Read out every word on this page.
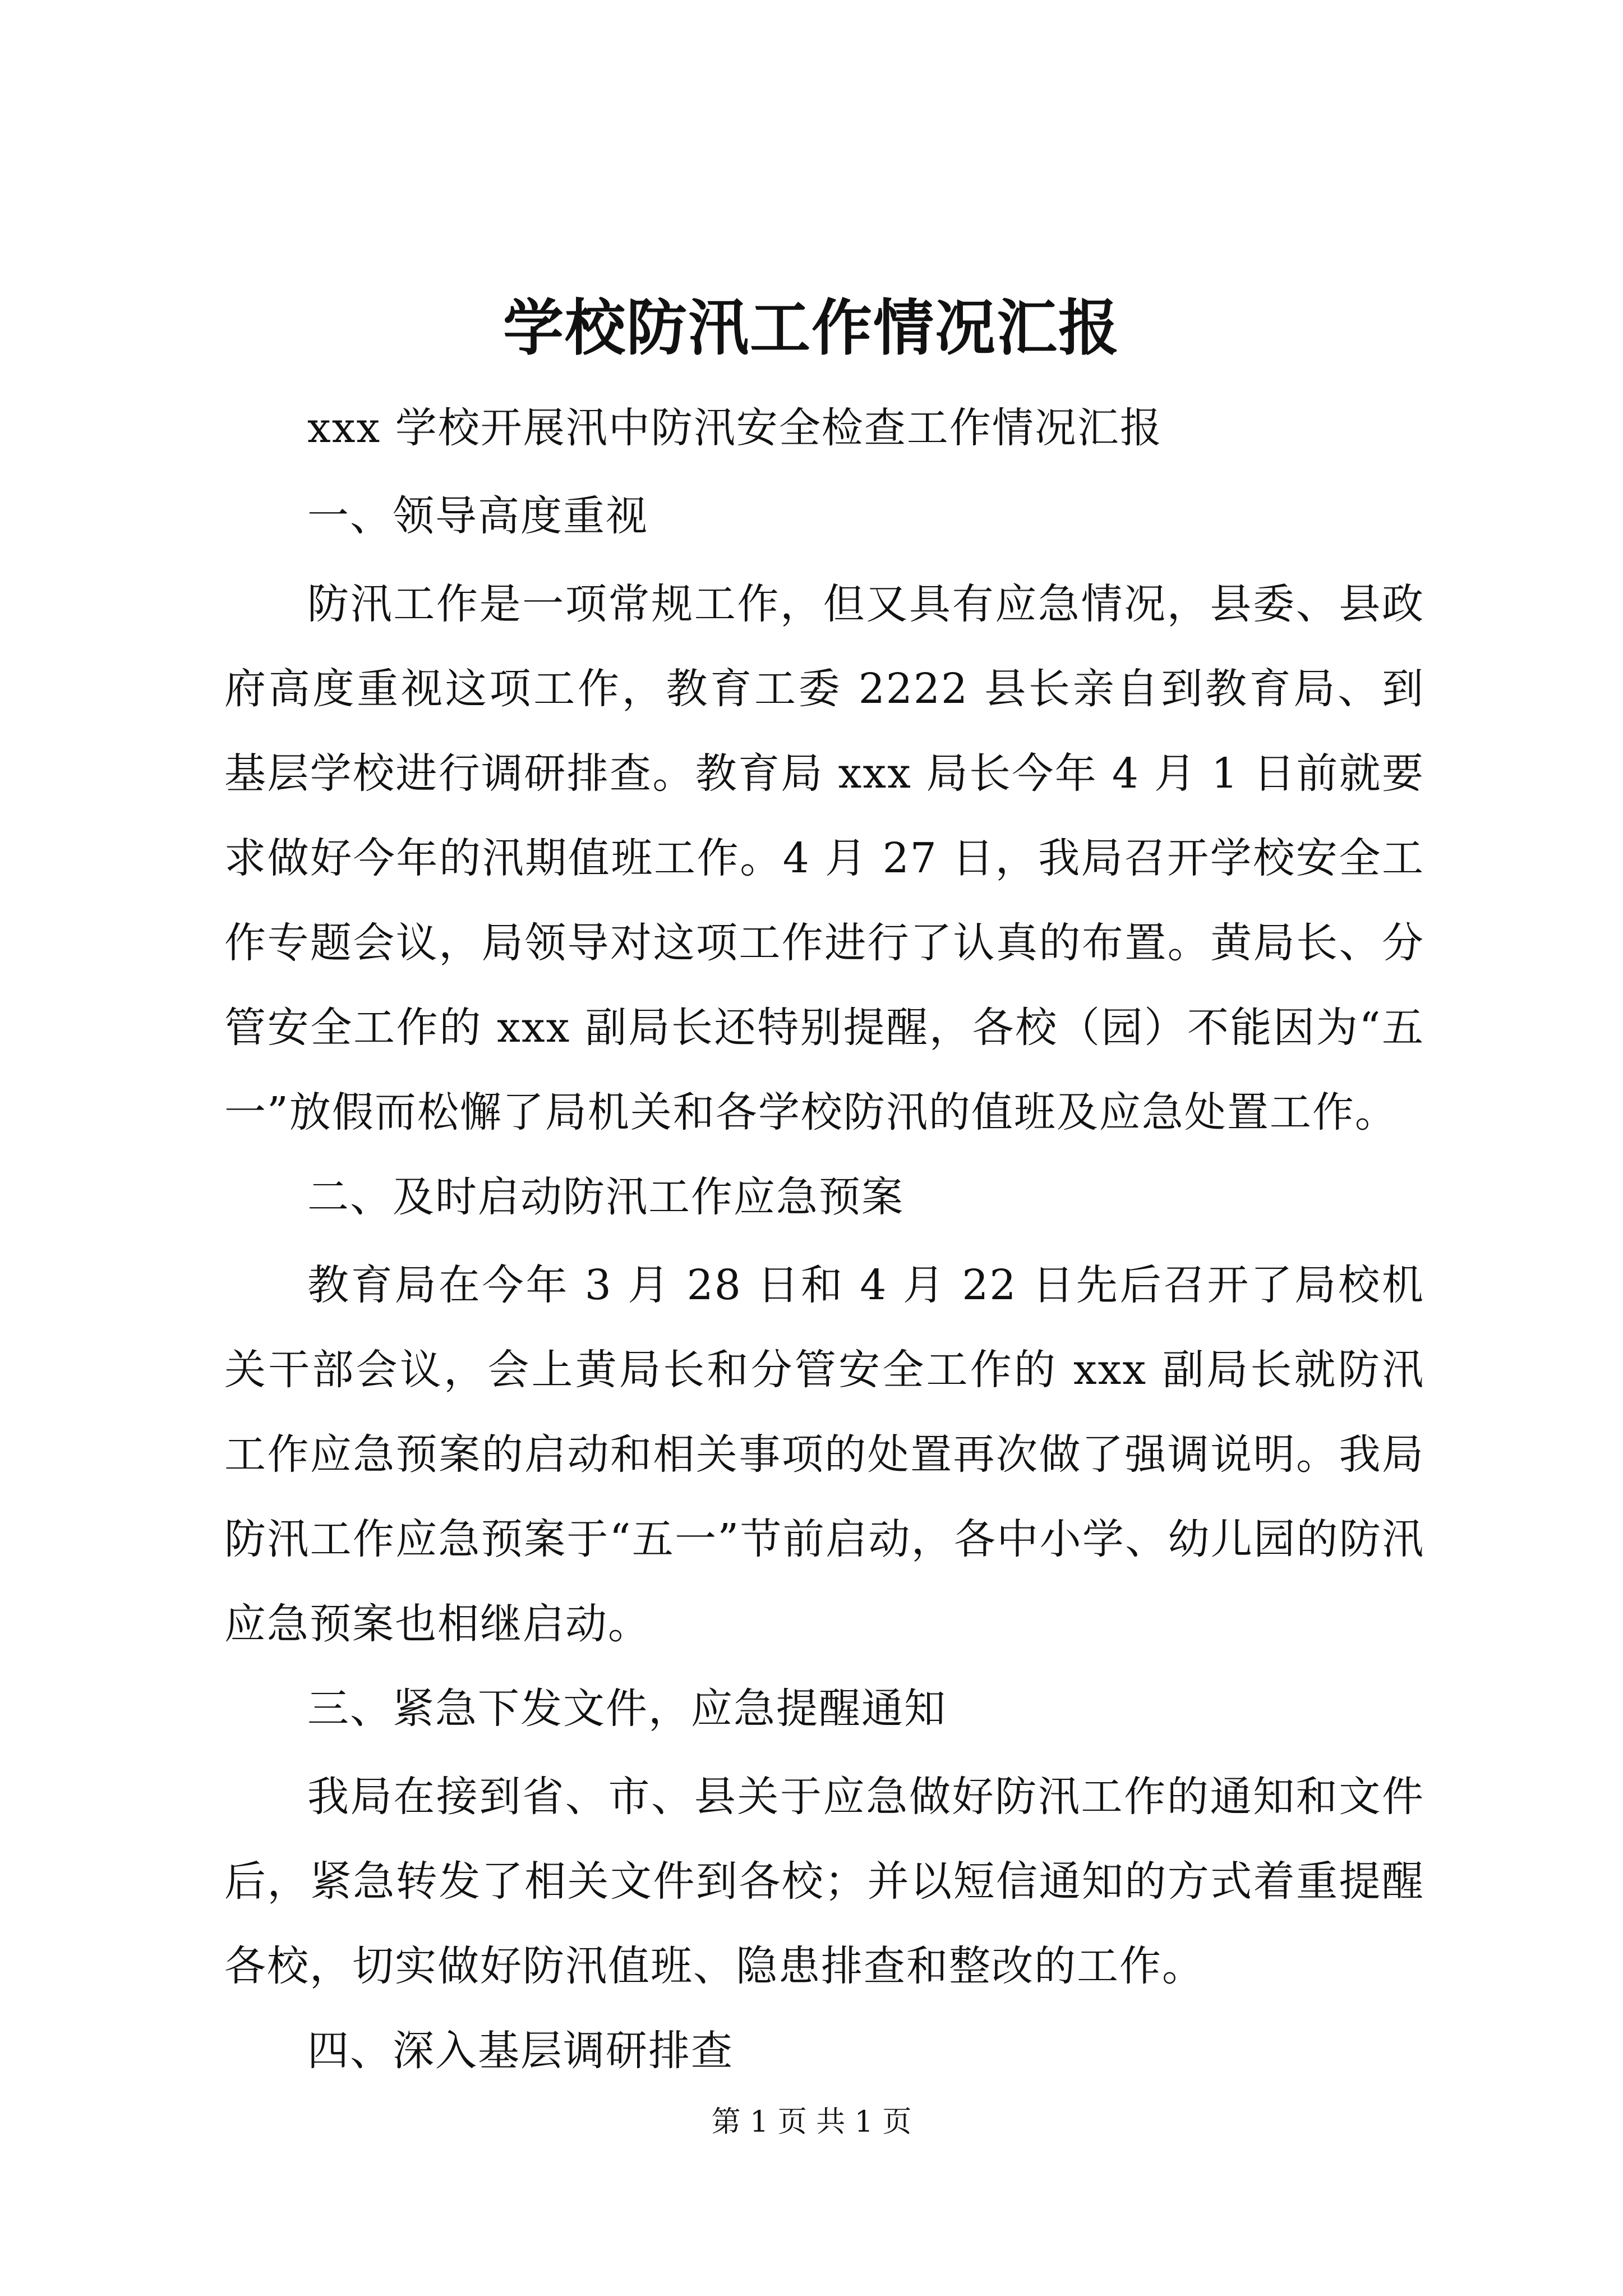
学校防汛工作情况汇报

xxx 学校开展汛中防汛安全检查工作情况汇报

一、领导高度重视

防汛工作是一项常规工作，但又具有应急情况，县委、县政府高度重视这项工作，教育工委 2222 县长亲自到教育局、到基层学校进行调研排查。教育局 xxx 局长今年 4 月 1 日前就要求做好今年的汛期值班工作。4 月 27 日，我局召开学校安全工作专题会议，局领导对这项工作进行了认真的布置。黄局长、分管安全工作的 xxx 副局长还特别提醒，各校（园）不能因为“五一”放假而松懈了局机关和各学校防汛的值班及应急处置工作。

二、及时启动防汛工作应急预案

教育局在今年 3 月 28 日和 4 月 22 日先后召开了局校机关干部会议，会上黄局长和分管安全工作的 xxx 副局长就防汛工作应急预案的启动和相关事项的处置再次做了强调说明。我局防汛工作应急预案于“五一”节前启动，各中小学、幼儿园的防汛应急预案也相继启动。

三、紧急下发文件，应急提醒通知

我局在接到省、市、县关于应急做好防汛工作的通知和文件后，紧急转发了相关文件到各校；并以短信通知的方式着重提醒各校，切实做好防汛值班、隐患排查和整改的工作。

四、深入基层调研排查

第 1 页 共 1 页
